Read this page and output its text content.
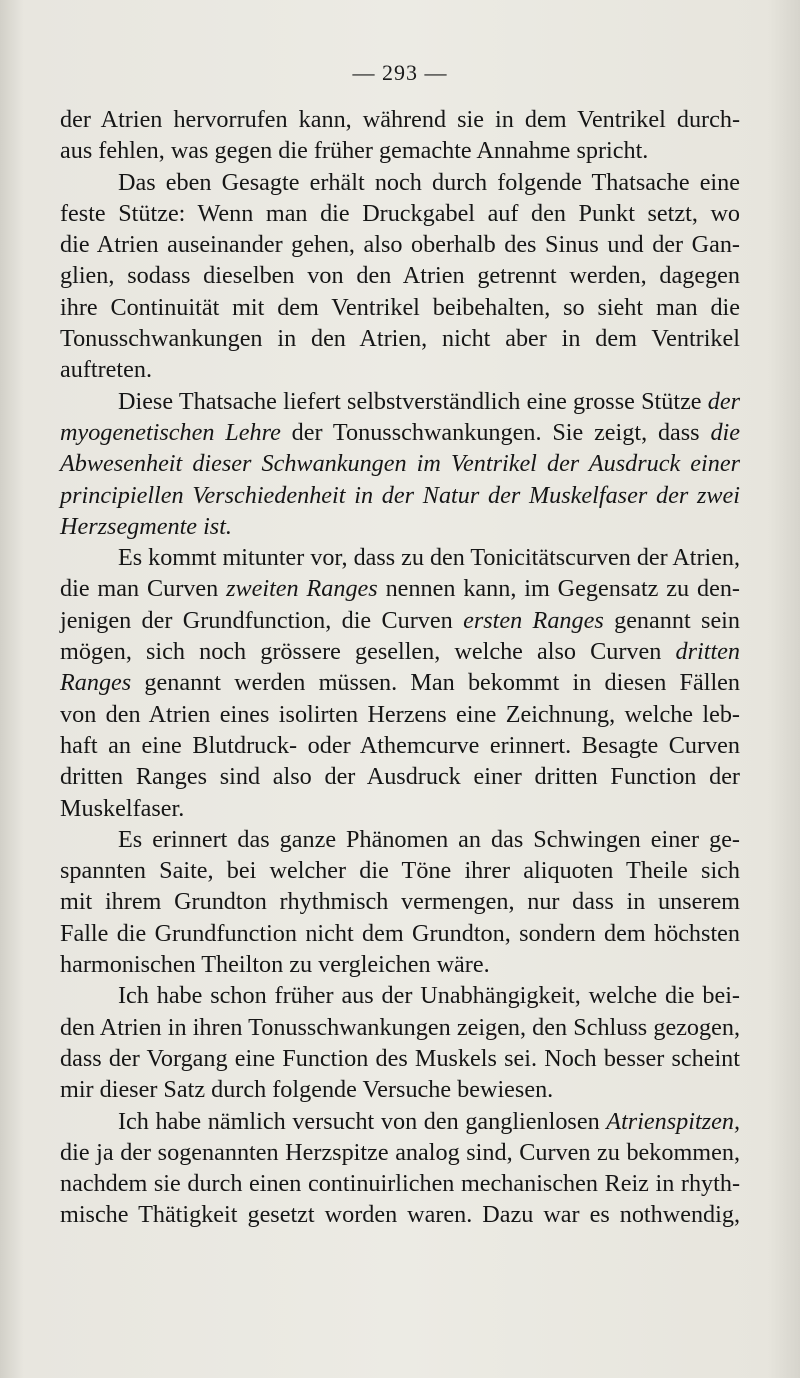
— 293 —
der Atrien hervorrufen kann, während sie in dem Ventrikel durch-
aus fehlen, was gegen die früher gemachte Annahme spricht.
Das eben Gesagte erhält noch durch folgende Thatsache eine
feste Stütze: Wenn man die Druckgabel auf den Punkt setzt, wo
die Atrien auseinander gehen, also oberhalb des Sinus und der Gan-
glien, sodass dieselben von den Atrien getrennt werden, dagegen
ihre Continuität mit dem Ventrikel beibehalten, so sieht man die
Tonusschwankungen in den Atrien, nicht aber in dem Ventrikel
auftreten.
Diese Thatsache liefert selbstverständlich eine grosse Stütze der
myogenetischen Lehre der Tonusschwankungen. Sie zeigt, dass die
Abwesenheit dieser Schwankungen im Ventrikel der Ausdruck einer
principiellen Verschiedenheit in der Natur der Muskelfaser der zwei
Herzsegmente ist.
Es kommt mitunter vor, dass zu den Tonicitätscurven der Atrien,
die man Curven zweiten Ranges nennen kann, im Gegensatz zu den-
jenigen der Grundfunction, die Curven ersten Ranges genannt sein
mögen, sich noch grössere gesellen, welche also Curven dritten
Ranges genannt werden müssen. Man bekommt in diesen Fällen
von den Atrien eines isolirten Herzens eine Zeichnung, welche leb-
haft an eine Blutdruck- oder Athemcurve erinnert. Besagte Curven
dritten Ranges sind also der Ausdruck einer dritten Function der
Muskelfaser.
Es erinnert das ganze Phänomen an das Schwingen einer ge-
spannten Saite, bei welcher die Töne ihrer aliquoten Theile sich
mit ihrem Grundton rhythmisch vermengen, nur dass in unserem
Falle die Grundfunction nicht dem Grundton, sondern dem höchsten
harmonischen Theilton zu vergleichen wäre.
Ich habe schon früher aus der Unabhängigkeit, welche die bei-
den Atrien in ihren Tonusschwankungen zeigen, den Schluss gezogen,
dass der Vorgang eine Function des Muskels sei. Noch besser scheint
mir dieser Satz durch folgende Versuche bewiesen.
Ich habe nämlich versucht von den ganglienlosen Atrienspitzen,
die ja der sogenannten Herzspitze analog sind, Curven zu bekommen,
nachdem sie durch einen continuirlichen mechanischen Reiz in rhyth-
mische Thätigkeit gesetzt worden waren. Dazu war es nothwendig,
